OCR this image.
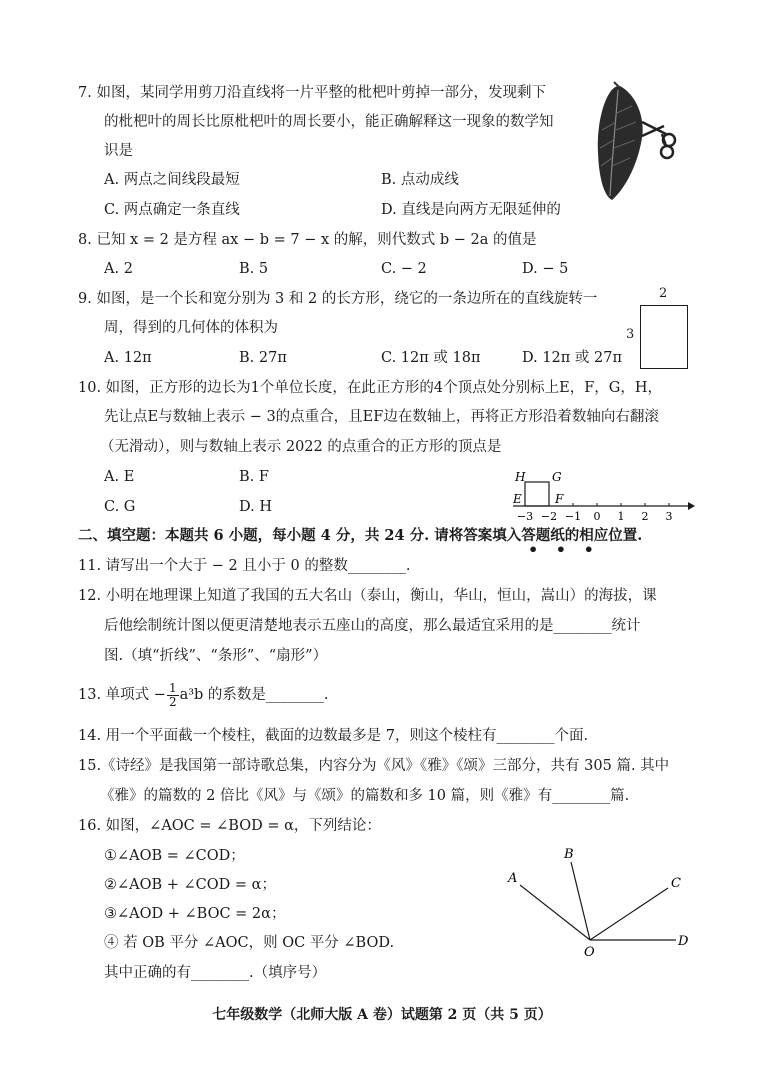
7. 如图，某同学用剪刀沿直线将一片平整的枇杷叶剪掉一部分，发现剩下
的枇杷叶的周长比原枇杷叶的周长要小，能正确解释这一现象的数学知
识是
A. 两点之间线段最短	B. 点动成线
C. 两点确定一条直线	D. 直线是向两方无限延伸的
8. 已知 x = 2 是方程 ax − b = 7 − x 的解，则代数式 b − 2a 的值是
A. 2	B. 5	C. − 2	D. − 5
9. 如图，是一个长和宽分别为 3 和 2 的长方形，绕它的一条边所在的直线旋转一
周，得到的几何体的体积为
A. 12π	B. 27π	C. 12π 或 18π	D. 12π 或 27π
2
3
10. 如图，正方形的边长为1个单位长度，在此正方形的4个顶点处分别标上E，F，G，H，
先让点E与数轴上表示 − 3的点重合，且EF边在数轴上，再将正方形沿着数轴向右翻滚
（无滑动），则与数轴上表示 2022 的点重合的正方形的顶点是
A. E	B. F
C. G	D. H
−3 −2 −1 0 1 2 3
H G
E	F
二、填空题：本题共 6 小题，每小题 4 分，共 24 分. 请将答案填入答题纸的相应位置.
• • •
11. 请写出一个大于 − 2 且小于 0 的整数________.
12. 小明在地理课上知道了我国的五大名山（泰山，衡山，华山，恒山，嵩山）的海拔，课
后他绘制统计图以便更清楚地表示五座山的高度，那么最适宜采用的是________统计
图.（填“折线”、“条形”、“扇形”）
13. 单项式 − $\frac{1}{2} a^3b$ 的系数是________.
14. 用一个平面截一个棱柱，截面的边数最多是 7，则这个棱柱有________个面.
15.《诗经》是我国第一部诗歌总集，内容分为《风》《雅》《颂》三部分，共有 305 篇. 其中
《雅》的篇数的 2 倍比《风》与《颂》的篇数和多 10 篇，则《雅》有________篇.
16. 如图，∠AOC = ∠BOD = α，下列结论：
①∠AOB = ∠COD；
②∠AOB + ∠COD = α；
③∠AOD + ∠BOC = 2α；
④ 若 OB 平分 ∠AOC，则 OC 平分 ∠BOD.
其中正确的有________.（填序号）
A
B
C
D
O
七年级数学（北师大版 A 卷）试题第 2 页（共 5 页）
